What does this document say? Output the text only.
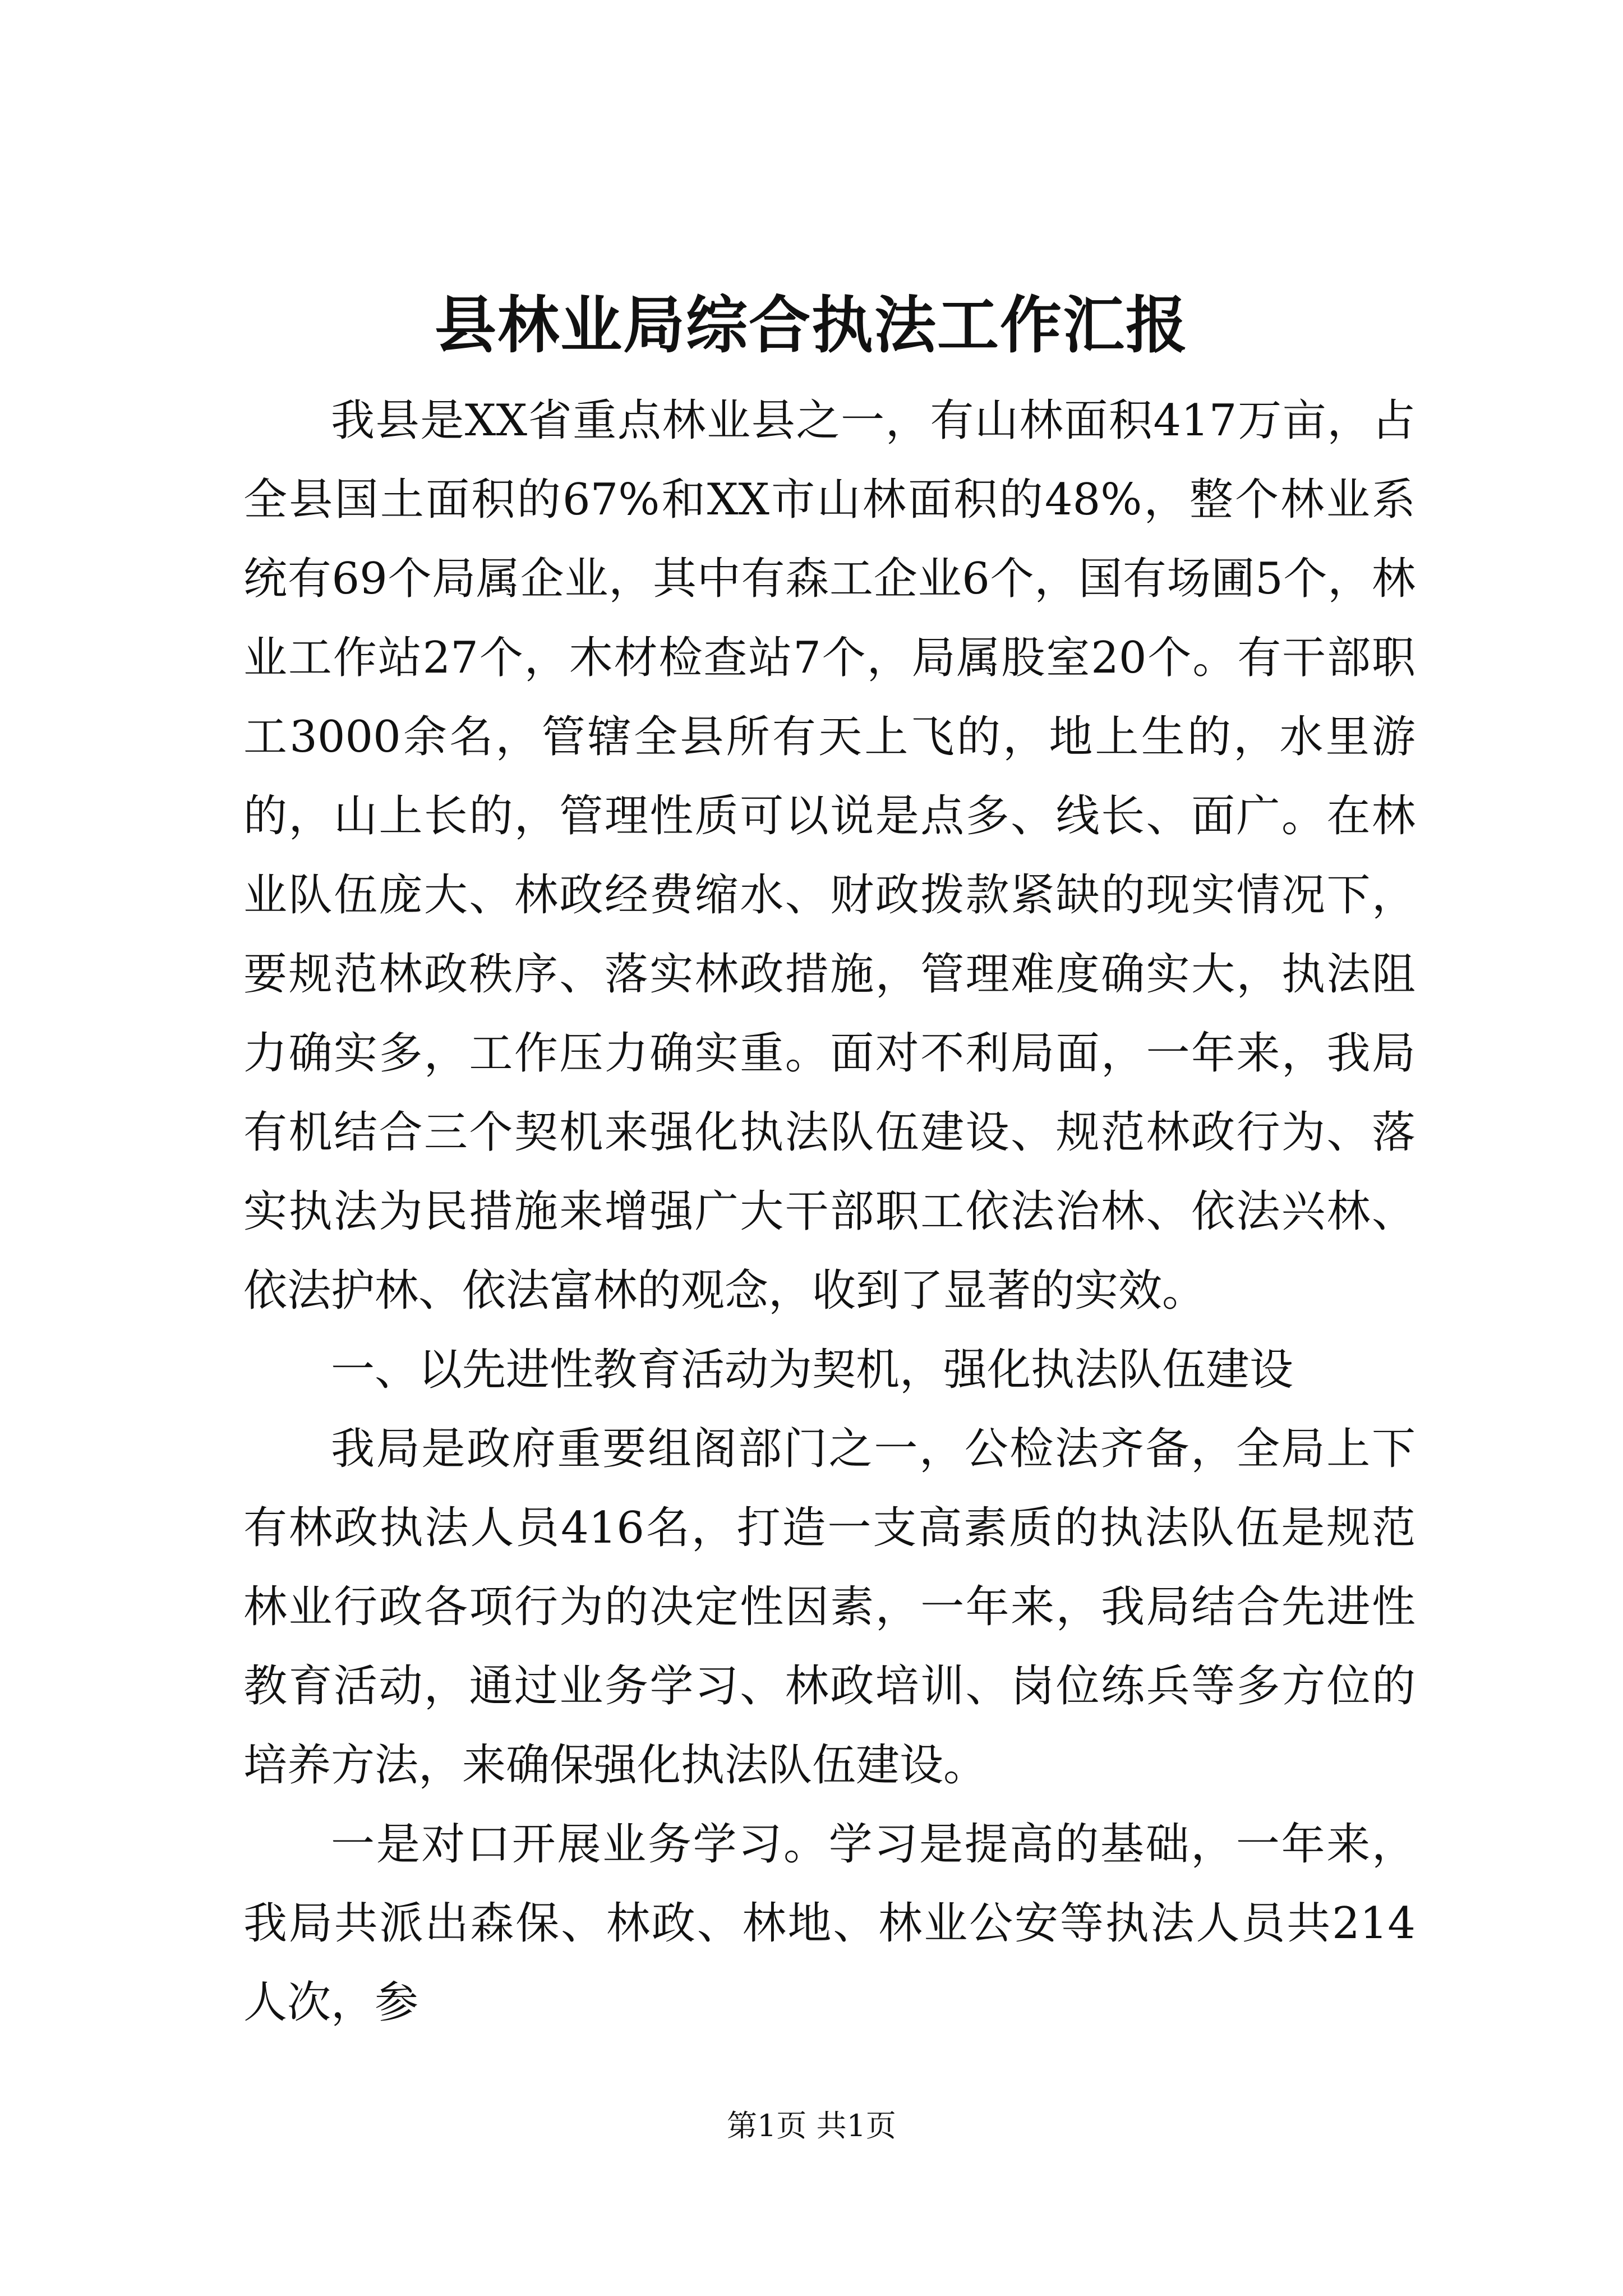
县林业局综合执法工作汇报

我县是XX省重点林业县之一，有山林面积417万亩，占全县国土面积的67%和XX市山林面积的48%，整个林业系统有69个局属企业，其中有森工企业6个，国有场圃5个，林业工作站27个，木材检查站7个，局属股室20个。有干部职工3000余名，管辖全县所有天上飞的，地上生的，水里游的，山上长的，管理性质可以说是点多、线长、面广。在林业队伍庞大、林政经费缩水、财政拨款紧缺的现实情况下，要规范林政秩序、落实林政措施，管理难度确实大，执法阻力确实多，工作压力确实重。面对不利局面，一年来，我局有机结合三个契机来强化执法队伍建设、规范林政行为、落实执法为民措施来增强广大干部职工依法治林、依法兴林、依法护林、依法富林的观念，收到了显著的实效。

一、以先进性教育活动为契机，强化执法队伍建设

我局是政府重要组阁部门之一，公检法齐备，全局上下有林政执法人员416名，打造一支高素质的执法队伍是规范林业行政各项行为的决定性因素，一年来，我局结合先进性教育活动，通过业务学习、林政培训、岗位练兵等多方位的培养方法，来确保强化执法队伍建设。

一是对口开展业务学习。学习是提高的基础，一年来，我局共派出森保、林政、林地、林业公安等执法人员共214人次，参

第1页 共1页
